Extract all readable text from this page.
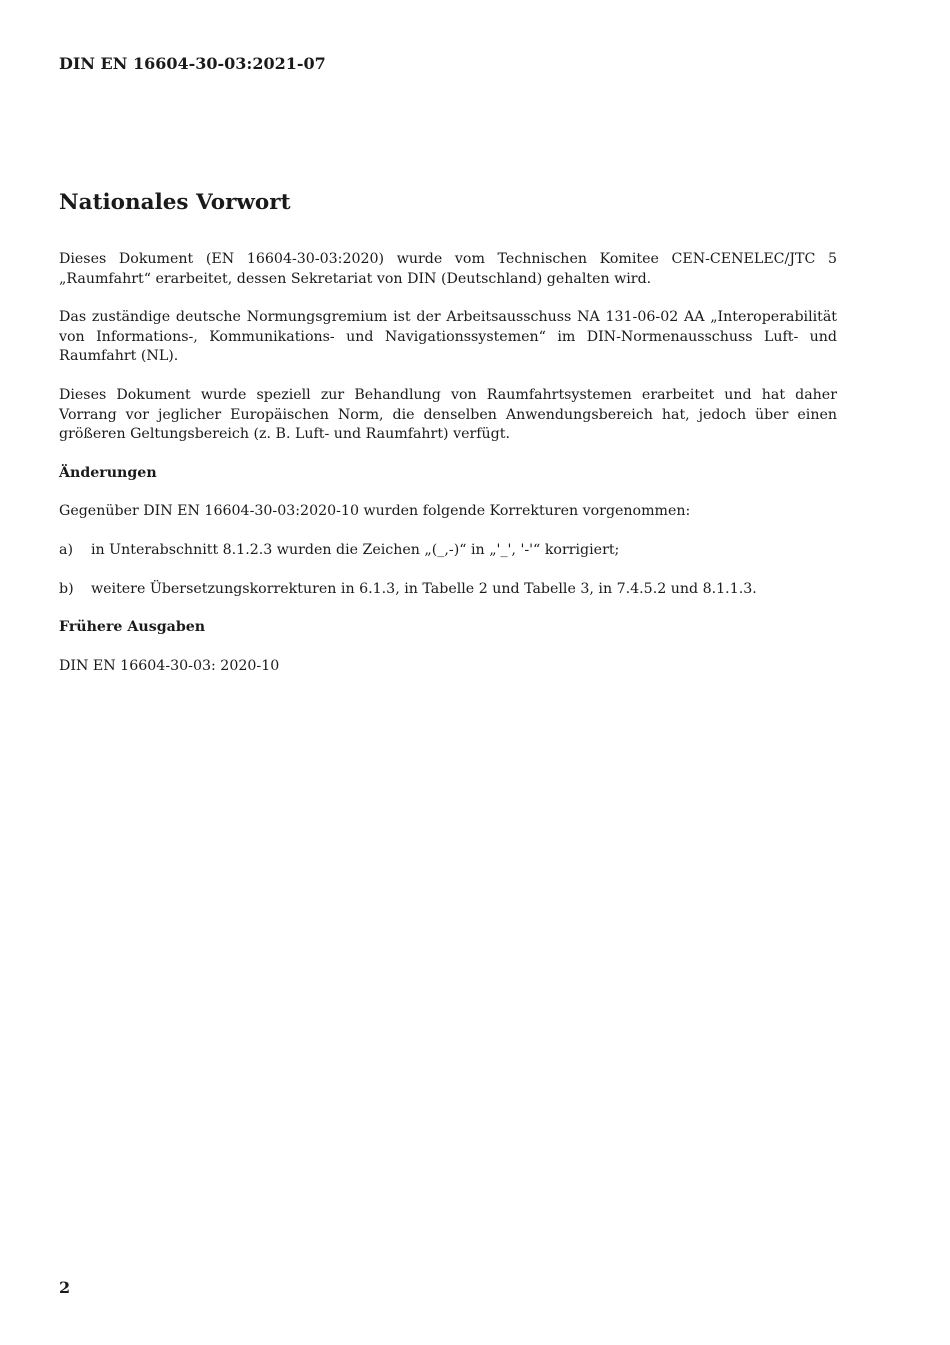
DIN EN 16604-30-03:2021-07
Nationales Vorwort

Dieses Dokument (EN 16604-30-03:2020) wurde vom Technischen Komitee CEN-CENELEC/JTC 5 „Raumfahrt“ erarbeitet, dessen Sekretariat von DIN (Deutschland) gehalten wird.

Das zuständige deutsche Normungsgremium ist der Arbeitsausschuss NA 131-06-02 AA „Interoperabilität von Informations-, Kommunikations- und Navigationssystemen“ im DIN-Normenausschuss Luft- und Raumfahrt (NL).

Dieses Dokument wurde speziell zur Behandlung von Raumfahrtsystemen erarbeitet und hat daher Vorrang vor jeglicher Europäischen Norm, die denselben Anwendungsbereich hat, jedoch über einen größeren Geltungsbereich (z. B. Luft- und Raumfahrt) verfügt.

Änderungen

Gegenüber DIN EN 16604-30-03:2020-10 wurden folgende Korrekturen vorgenommen:

a)	in Unterabschnitt 8.1.2.3 wurden die Zeichen „(_,-)“ in „'_', '-'“ korrigiert;
b)	weitere Übersetzungskorrekturen in 6.1.3, in Tabelle 2 und Tabelle 3, in 7.4.5.2 und 8.1.1.3.
Frühere Ausgaben

DIN EN 16604-30-03: 2020-10

2
